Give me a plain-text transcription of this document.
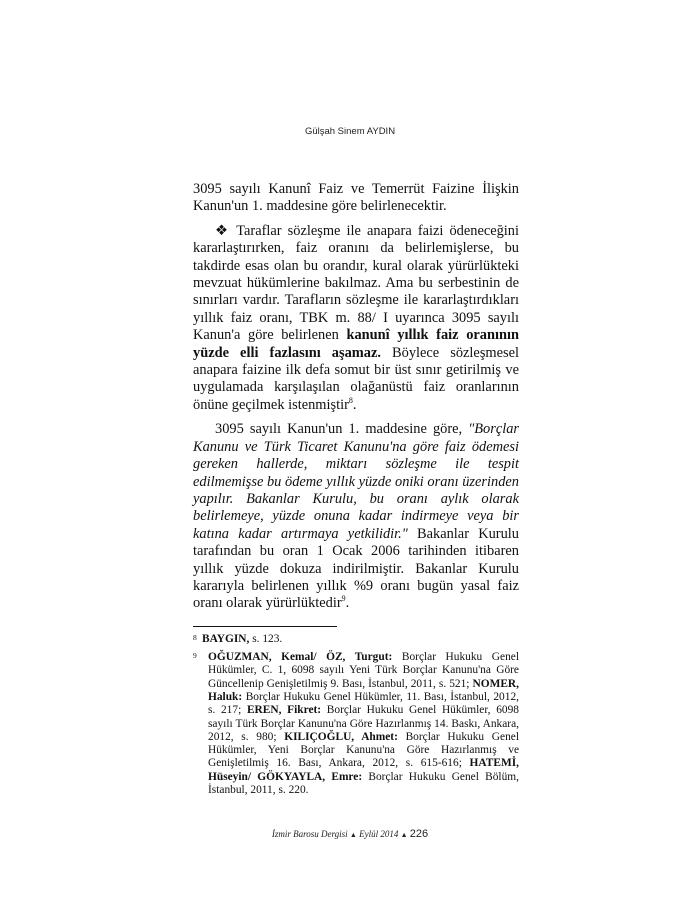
Gülşah Sinem AYDIN

3095 sayılı Kanunî Faiz ve Temerrüt Faizine İlişkin Kanun'un 1. maddesine göre belirlenecektir.

❖ Taraflar sözleşme ile anapara faizi ödeneceğini kararlaştırırken, faiz oranını da belirlemişlerse, bu takdirde esas olan bu orandır, kural olarak yürürlükteki mevzuat hükümlerine bakılmaz. Ama bu serbestinin de sınırları vardır. Tarafların sözleşme ile kararlaştırdıkları yıllık faiz oranı, TBK m. 88/ I uyarınca 3095 sayılı Kanun'a göre belirlenen kanunî yıllık faiz oranının yüzde elli fazlasını aşamaz. Böylece sözleşmesel anapara faizine ilk defa somut bir üst sınır getirilmiş ve uygulamada karşılaşılan olağanüstü faiz oranlarının önüne geçilmek istenmiştir$^8$.

3095 sayılı Kanun'un 1. maddesine göre, "Borçlar Kanunu ve Türk Ticaret Kanunu'na göre faiz ödemesi gereken hallerde, miktarı sözleşme ile tespit edilmemişse bu ödeme yıllık yüzde oniki oranı üzerinden yapılır. Bakanlar Kurulu, bu oranı aylık olarak belirlemeye, yüzde onuna kadar indirmeye veya bir katına kadar artırmaya yetkilidir." Bakanlar Kurulu tarafından bu oran 1 Ocak 2006 tarihinden itibaren yıllık yüzde dokuza indirilmiştir. Bakanlar Kurulu kararıyla belirlenen yıllık %9 oranı bugün yasal faiz oranı olarak yürürlüktedir$^9$.

8 BAYGIN, s. 123.
9 OĞUZMAN, Kemal/ ÖZ, Turgut: Borçlar Hukuku Genel Hükümler, C. 1, 6098 sayılı Yeni Türk Borçlar Kanunu'na Göre Güncellenip Genişletilmiş 9. Bası, İstanbul, 2011, s. 521; NOMER, Haluk: Borçlar Hukuku Genel Hükümler, 11. Bası, İstanbul, 2012, s. 217; EREN, Fikret: Borçlar Hukuku Genel Hükümler, 6098 sayılı Türk Borçlar Kanunu'na Göre Hazırlanmış 14. Baskı, Ankara, 2012, s. 980; KILIÇOĞLU, Ahmet: Borçlar Hukuku Genel Hükümler, Yeni Borçlar Kanunu'na Göre Hazırlanmış ve Genişletilmiş 16. Bası, Ankara, 2012, s. 615-616; HATEMİ, Hüseyin/ GÖKYAYLA, Emre: Borçlar Hukuku Genel Bölüm, İstanbul, 2011, s. 220.
İzmir Barosu Dergisi ▲ Eylül 2014 ▲ 226
